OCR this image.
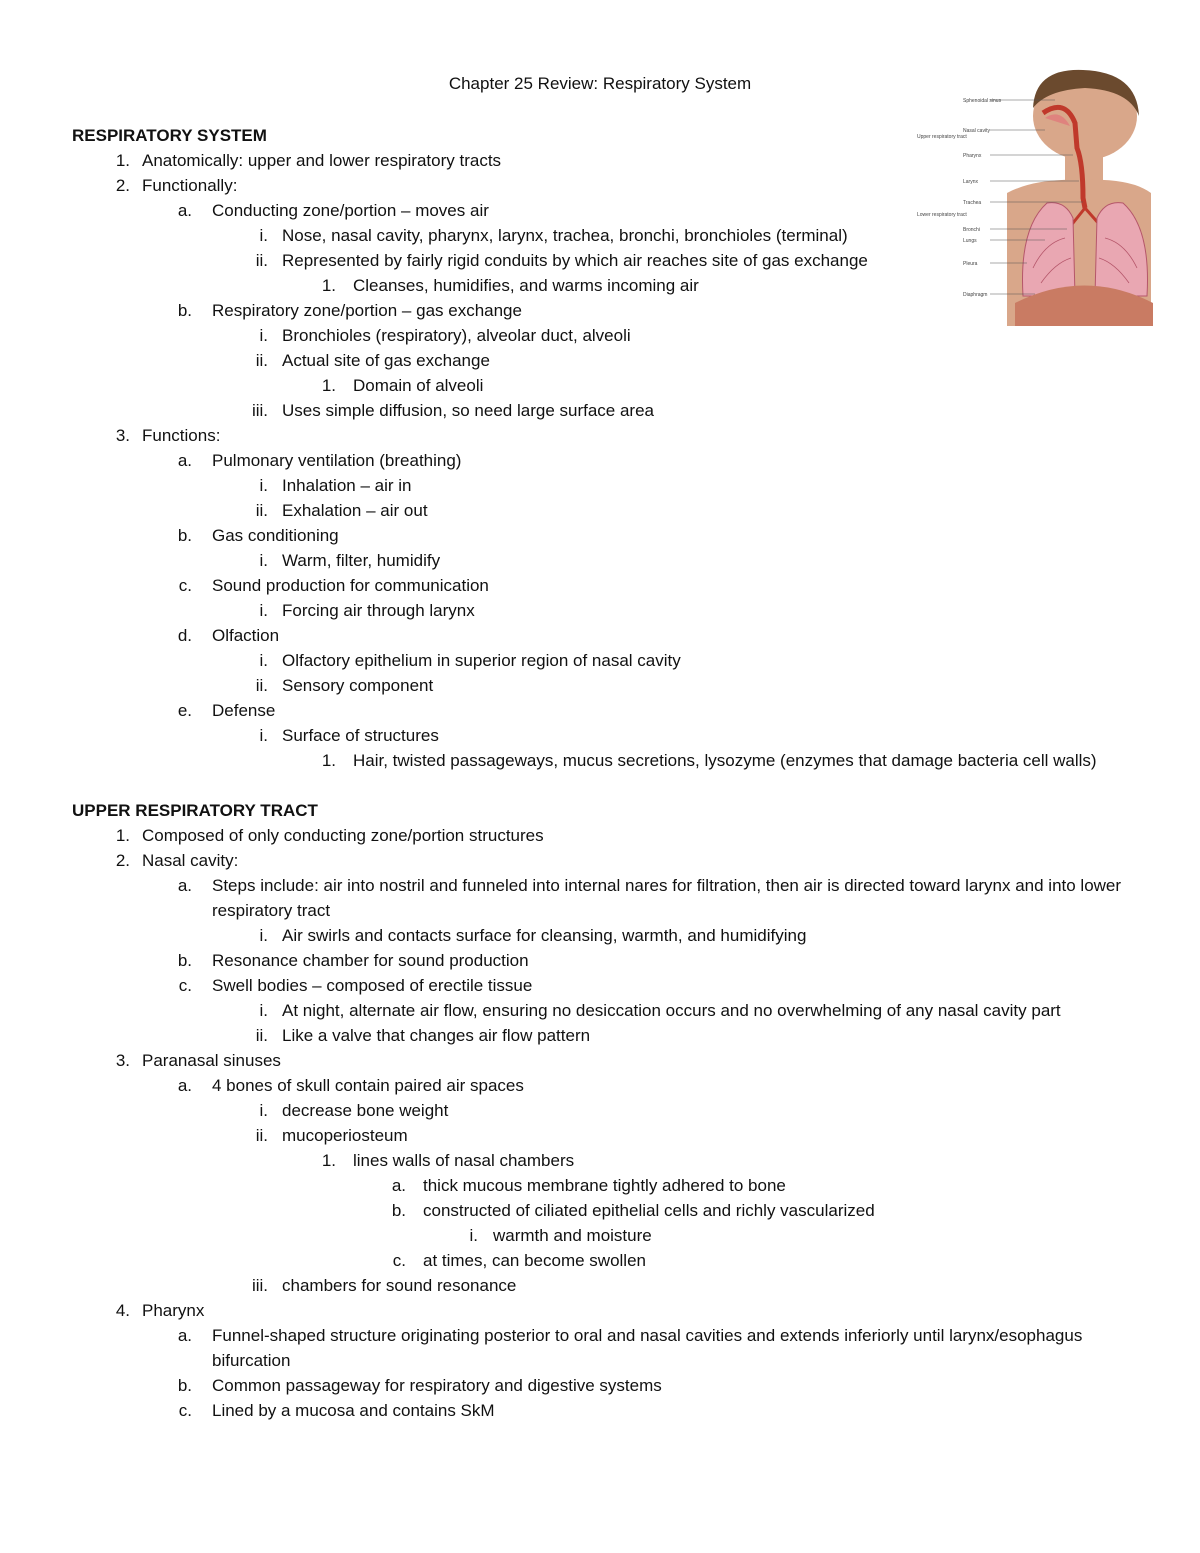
Chapter 25 Review: Respiratory System
RESPIRATORY SYSTEM
1. Anatomically: upper and lower respiratory tracts
2. Functionally:
a. Conducting zone/portion – moves air
i. Nose, nasal cavity, pharynx, larynx, trachea, bronchi, bronchioles (terminal)
ii. Represented by fairly rigid conduits by which air reaches site of gas exchange
1. Cleanses, humidifies, and warms incoming air
b. Respiratory zone/portion – gas exchange
i. Bronchioles (respiratory), alveolar duct, alveoli
ii. Actual site of gas exchange
1. Domain of alveoli
iii. Uses simple diffusion, so need large surface area
3. Functions:
a. Pulmonary ventilation (breathing)
i. Inhalation – air in
ii. Exhalation – air out
b. Gas conditioning
i. Warm, filter, humidify
c. Sound production for communication
i. Forcing air through larynx
d. Olfaction
i. Olfactory epithelium in superior region of nasal cavity
ii. Sensory component
e. Defense
i. Surface of structures
1. Hair, twisted passageways, mucus secretions, lysozyme (enzymes that damage bacteria cell walls)
UPPER RESPIRATORY TRACT
1. Composed of only conducting zone/portion structures
2. Nasal cavity:
a. Steps include: air into nostril and funneled into internal nares for filtration, then air is directed toward larynx and into lower respiratory tract
i. Air swirls and contacts surface for cleansing, warmth, and humidifying
b. Resonance chamber for sound production
c. Swell bodies – composed of erectile tissue
i. At night, alternate air flow, ensuring no desiccation occurs and no overwhelming of any nasal cavity part
ii. Like a valve that changes air flow pattern
3. Paranasal sinuses
a. 4 bones of skull contain paired air spaces
i. decrease bone weight
ii. mucoperiosteum
1. lines walls of nasal chambers
a. thick mucous membrane tightly adhered to bone
b. constructed of ciliated epithelial cells and richly vascularized
i. warmth and moisture
c. at times, can become swollen
iii. chambers for sound resonance
4. Pharynx
a. Funnel-shaped structure originating posterior to oral and nasal cavities and extends inferiorly until larynx/esophagus bifurcation
b. Common passageway for respiratory and digestive systems
c. Lined by a mucosa and contains SkM
Sphenoidal sinus
Nasal cavity
Pharynx
Larynx
Trachea
Bronchi
Lungs
Pleura
Diaphragm
Upper respiratory tract
Lower respiratory tract
